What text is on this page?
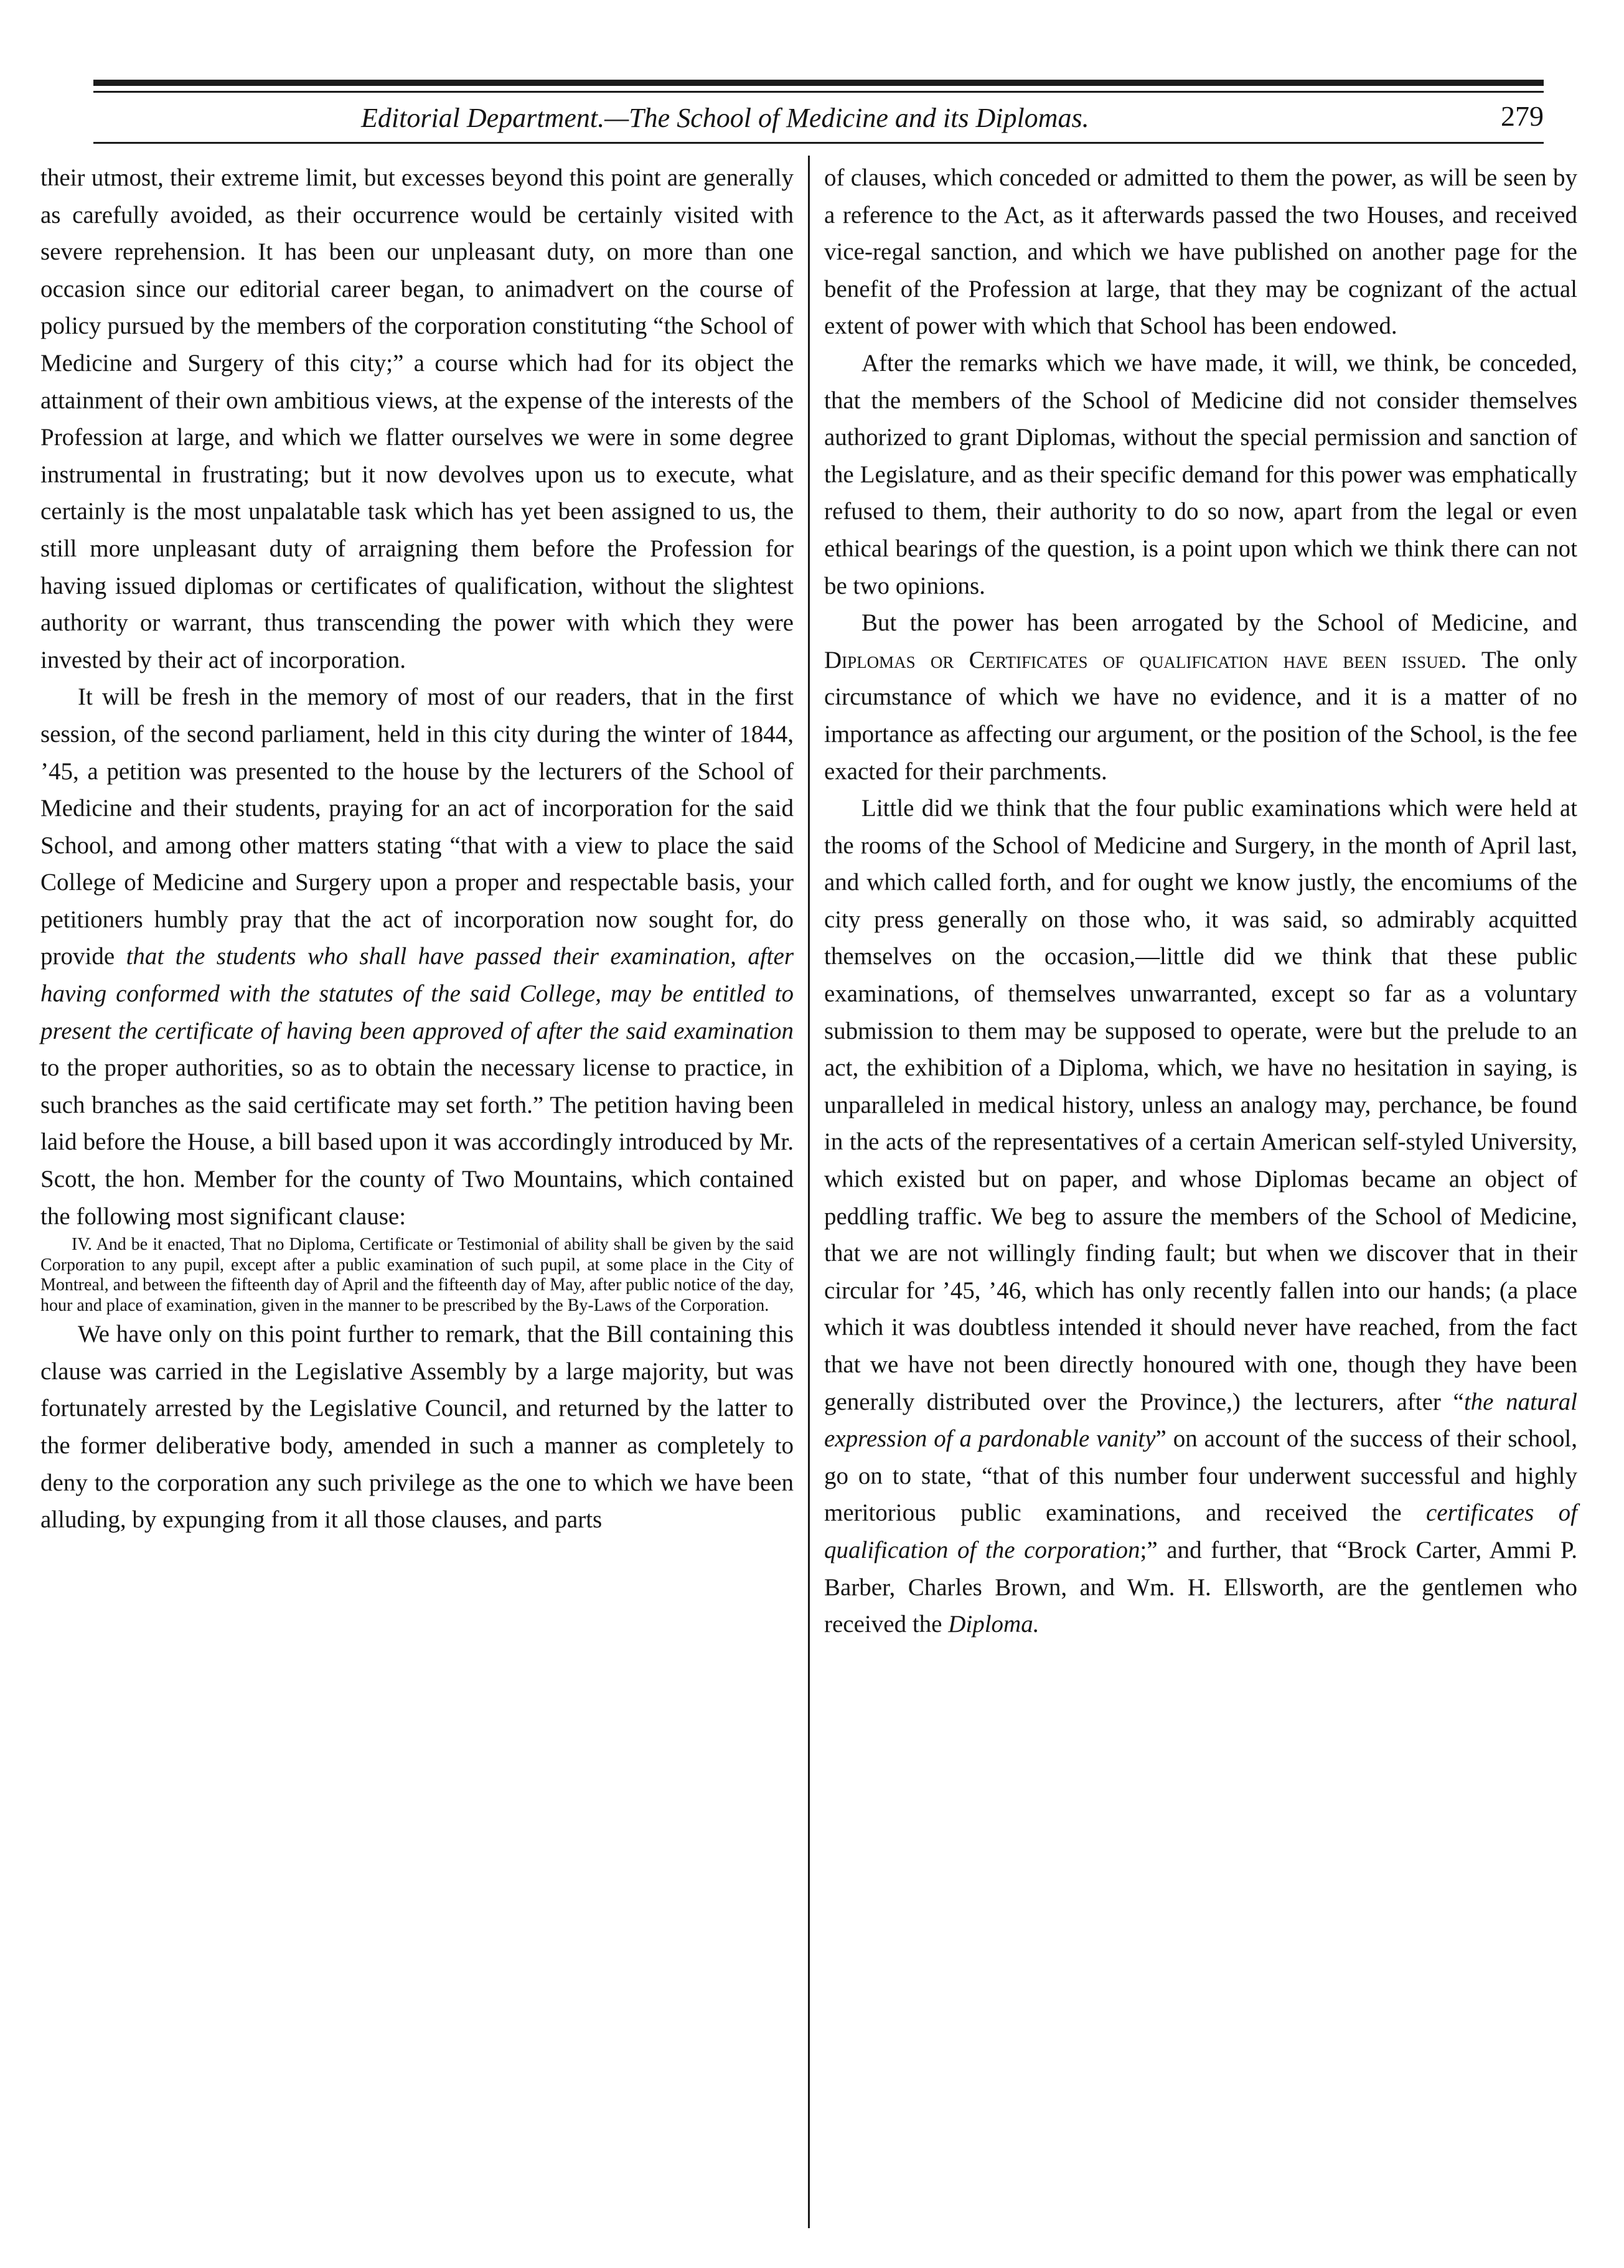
Editorial Department.—The School of Medicine and its Diplomas.	279

their utmost, their extreme limit, but excesses beyond this point are generally as carefully avoided, as their occurrence would be certainly visited with severe reprehension. It has been our unpleasant duty, on more than one occasion since our editorial career began, to animadvert on the course of policy pursued by the members of the corporation constituting “the School of Medicine and Surgery of this city;” a course which had for its object the attainment of their own ambitious views, at the expense of the interests of the Profession at large, and which we flatter ourselves we were in some degree instrumental in frustrating; but it now devolves upon us to execute, what certainly is the most unpalatable task which has yet been assigned to us, the still more unpleasant duty of arraigning them before the Profession for having issued diplomas or certificates of qualification, without the slightest authority or warrant, thus transcending the power with which they were invested by their act of incorporation.

It will be fresh in the memory of most of our readers, that in the first session, of the second parliament, held in this city during the winter of 1844, ’45, a petition was presented to the house by the lecturers of the School of Medicine and their students, praying for an act of incorporation for the said School, and among other matters stating “that with a view to place the said College of Medicine and Surgery upon a proper and respectable basis, your petitioners humbly pray that the act of incorporation now sought for, do provide that the students who shall have passed their examination, after having conformed with the statutes of the said College, may be entitled to present the certificate of having been approved of after the said examination to the proper authorities, so as to obtain the necessary license to practice, in such branches as the said certificate may set forth.” The petition having been laid before the House, a bill based upon it was accordingly introduced by Mr. Scott, the hon. Member for the county of Two Mountains, which contained the following most significant clause:

IV. And be it enacted, That no Diploma, Certificate or Testimonial of ability shall be given by the said Corporation to any pupil, except after a public examination of such pupil, at some place in the City of Montreal, and between the fifteenth day of April and the fifteenth day of May, after public notice of the day, hour and place of examination, given in the manner to be prescribed by the By-Laws of the Corporation.

We have only on this point further to remark, that the Bill containing this clause was carried in the Legislative Assembly by a large majority, but was fortunately arrested by the Legislative Council, and returned by the latter to the former deliberative body, amended in such a manner as completely to deny to the corporation any such privilege as the one to which we have been alluding, by expunging from it all those clauses, and parts

of clauses, which conceded or admitted to them the power, as will be seen by a reference to the Act, as it afterwards passed the two Houses, and received vice-regal sanction, and which we have published on another page for the benefit of the Profession at large, that they may be cognizant of the actual extent of power with which that School has been endowed.

After the remarks which we have made, it will, we think, be conceded, that the members of the School of Medicine did not consider themselves authorized to grant Diplomas, without the special permission and sanction of the Legislature, and as their specific demand for this power was emphatically refused to them, their authority to do so now, apart from the legal or even ethical bearings of the question, is a point upon which we think there can not be two opinions.

But the power has been arrogated by the School of Medicine, and Diplomas or Certificates of qualification have been issued. The only circumstance of which we have no evidence, and it is a matter of no importance as affecting our argument, or the position of the School, is the fee exacted for their parchments.

Little did we think that the four public examinations which were held at the rooms of the School of Medicine and Surgery, in the month of April last, and which called forth, and for ought we know justly, the encomiums of the city press generally on those who, it was said, so admirably acquitted themselves on the occasion,—little did we think that these public examinations, of themselves unwarranted, except so far as a voluntary submission to them may be supposed to operate, were but the prelude to an act, the exhibition of a Diploma, which, we have no hesitation in saying, is unparalleled in medical history, unless an analogy may, perchance, be found in the acts of the representatives of a certain American self-styled University, which existed but on paper, and whose Diplomas became an object of peddling traffic. We beg to assure the members of the School of Medicine, that we are not willingly finding fault; but when we discover that in their circular for ’45, ’46, which has only recently fallen into our hands; (a place which it was doubtless intended it should never have reached, from the fact that we have not been directly honoured with one, though they have been generally distributed over the Province,) the lecturers, after “the natural expression of a pardonable vanity” on account of the success of their school, go on to state, “that of this number four underwent successful and highly meritorious public examinations, and received the certificates of qualification of the corporation;” and further, that “Brock Carter, Ammi P. Barber, Charles Brown, and Wm. H. Ellsworth, are the gentlemen who received the Diploma.
